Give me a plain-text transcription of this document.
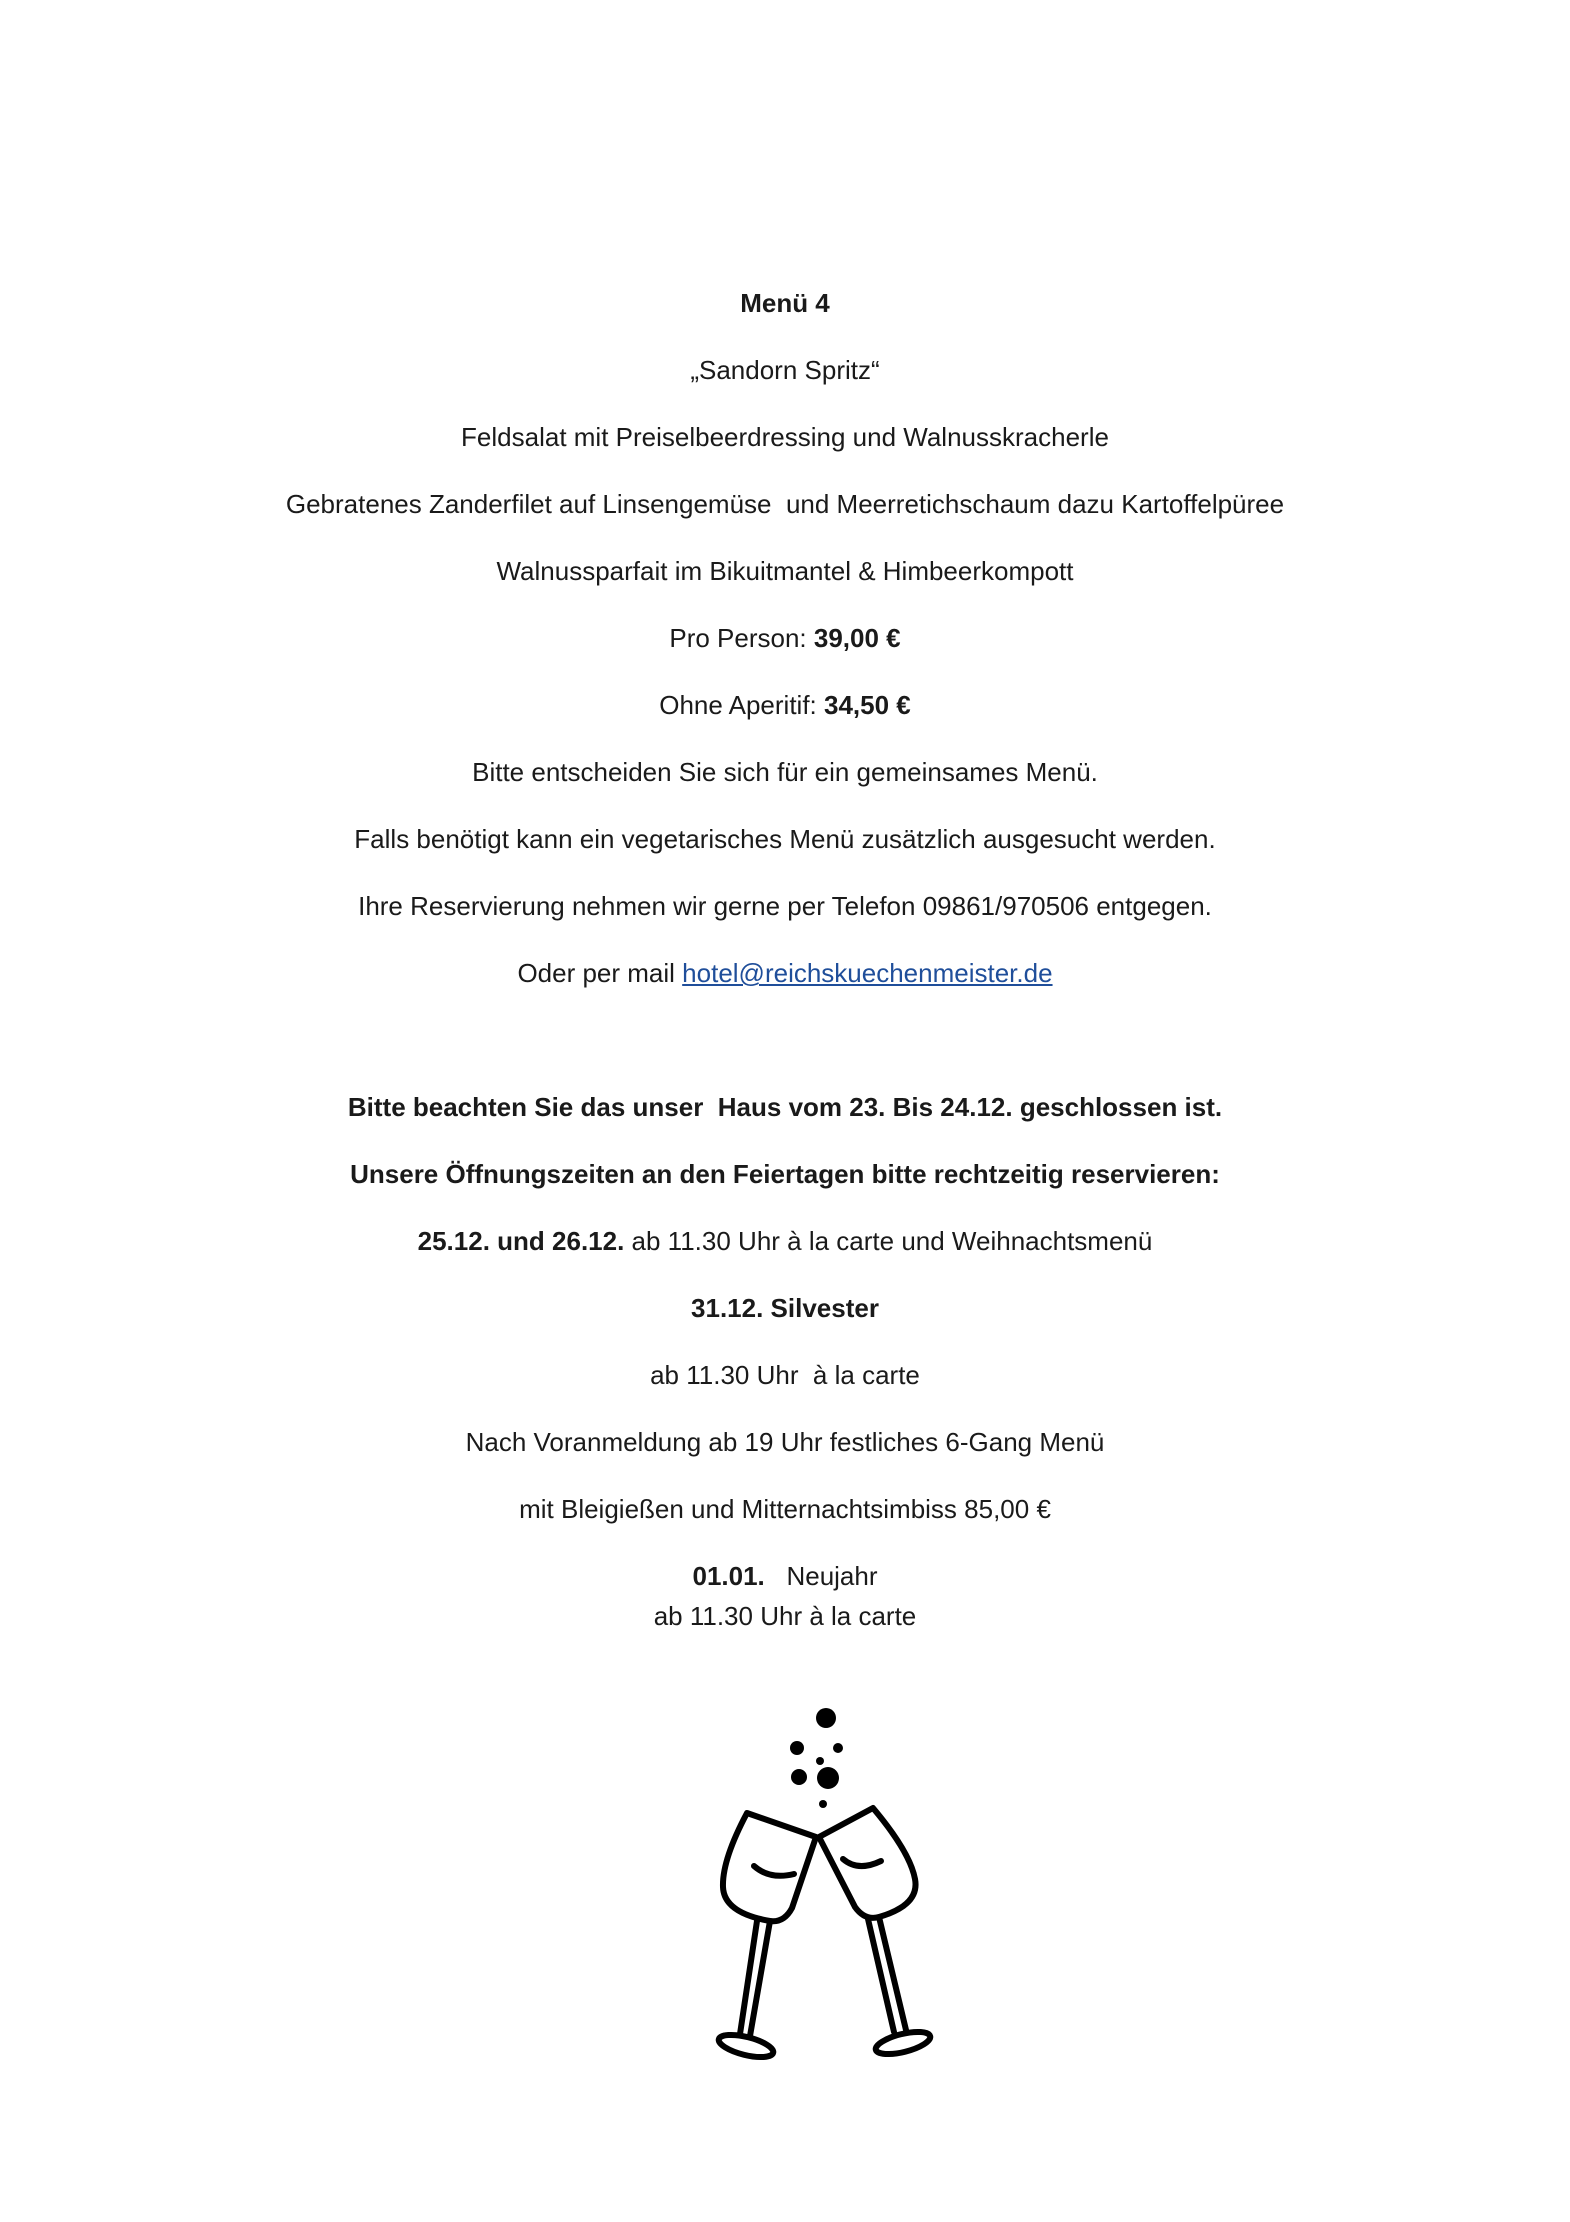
Menü 4
„Sandorn Spritz“
Feldsalat mit Preiselbeerdressing und Walnusskracherle
Gebratenes Zanderfilet auf Linsengemüse  und Meerretichschaum dazu Kartoffelpüree
Walnussparfait im Bikuitmantel & Himbeerkompott
Pro Person: 39,00 €
Ohne Aperitif: 34,50 €
Bitte entscheiden Sie sich für ein gemeinsames Menü.
Falls benötigt kann ein vegetarisches Menü zusätzlich ausgesucht werden.
Ihre Reservierung nehmen wir gerne per Telefon 09861/970506 entgegen.
Oder per mail hotel@reichskuechenmeister.de
Bitte beachten Sie das unser  Haus vom 23. Bis 24.12. geschlossen ist.
Unsere Öffnungszeiten an den Feiertagen bitte rechtzeitig reservieren:
25.12. und 26.12. ab 11.30 Uhr à la carte und Weihnachtsmenü
31.12. Silvester
ab 11.30 Uhr  à la carte
Nach Voranmeldung ab 19 Uhr festliches 6-Gang Menü
mit Bleigießen und Mitternachtsimbiss 85,00 €
01.01.   Neujahr
ab 11.30 Uhr à la carte
